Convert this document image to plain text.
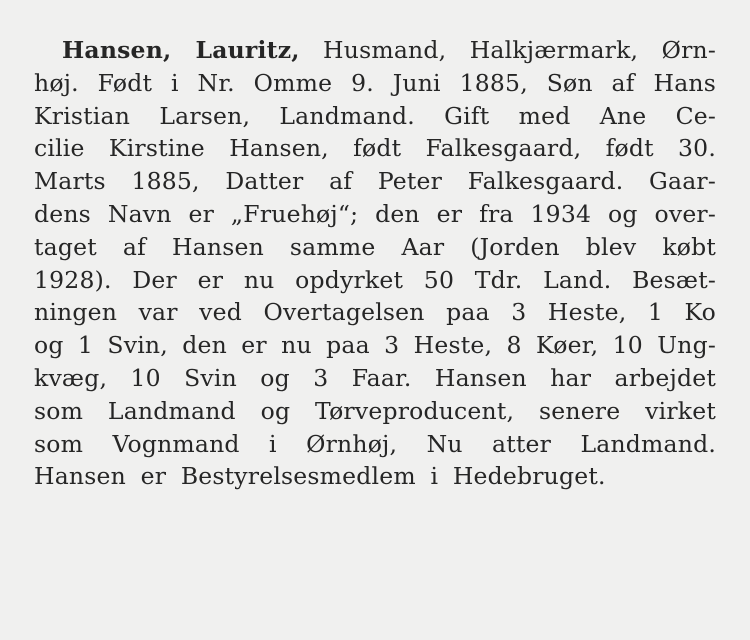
Hansen, Lauritz, Husmand, Halkjærmark, Ørn-
høj. Født i Nr. Omme 9. Juni 1885, Søn af Hans
Kristian Larsen, Landmand. Gift med Ane Ce-
cilie Kirstine Hansen, født Falkesgaard, født 30.
Marts 1885, Datter af Peter Falkesgaard. Gaar-
dens Navn er „Fruehøj“; den er fra 1934 og over-
taget af Hansen samme Aar (Jorden blev købt
1928). Der er nu opdyrket 50 Tdr. Land. Besæt-
ningen var ved Overtagelsen paa 3 Heste, 1 Ko
og 1 Svin, den er nu paa 3 Heste, 8 Køer, 10 Ung-
kvæg, 10 Svin og 3 Faar. Hansen har arbejdet
som Landmand og Tørveproducent, senere virket
som Vognmand i Ørnhøj, Nu atter Landmand.
Hansen er Bestyrelsesmedlem i Hedebruget.
